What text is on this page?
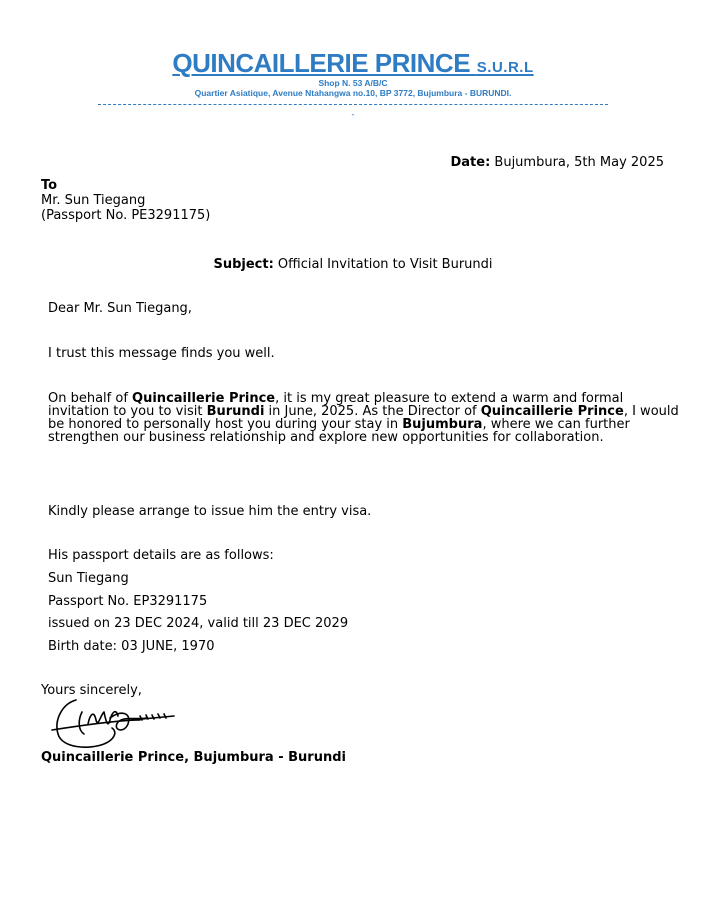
QUINCAILLERIE PRINCE S.U.R.L
Shop N. 53 A/B/C
Quartier Asiatique, Avenue Ntahangwa no.10, BP 3772, Bujumbura - BURUNDI.
-
Date: Bujumbura, 5th May 2025
To
Mr. Sun Tiegang
(Passport No. PE3291175)
Subject: Official Invitation to Visit Burundi
Dear Mr. Sun Tiegang,
I trust this message finds you well.
On behalf of Quincaillerie Prince, it is my great pleasure to extend a warm and formal invitation to you to visit Burundi in June, 2025. As the Director of Quincaillerie Prince, I would be honored to personally host you during your stay in Bujumbura, where we can further strengthen our business relationship and explore new opportunities for collaboration.
Kindly please arrange to issue him the entry visa.
His passport details are as follows:
Sun Tiegang
Passport No. EP3291175
issued on 23 DEC 2024, valid till 23 DEC 2029
Birth date: 03 JUNE, 1970
Yours sincerely,
Quincaillerie Prince, Bujumbura - Burundi
